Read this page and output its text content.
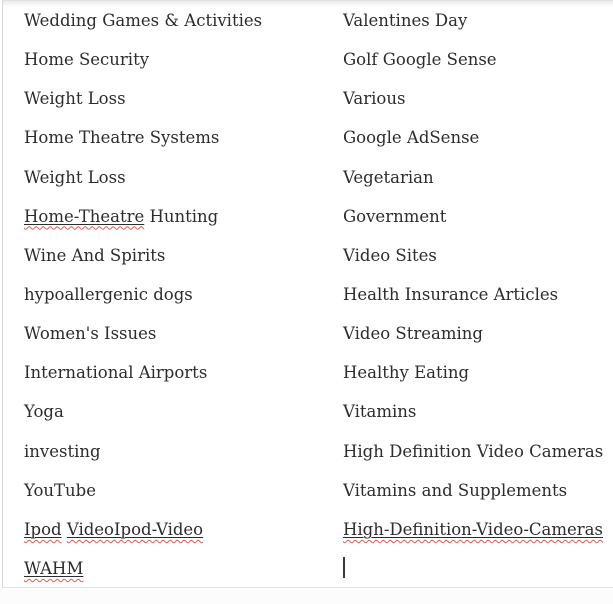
Wedding Games & Activities	Valentines Day
Home Security	Golf Google Sense
Weight Loss	Various
Home Theatre Systems	Google AdSense
Weight Loss	Vegetarian
Home-Theatre Hunting	Government
Wine And Spirits	Video Sites
hypoallergenic dogs	Health Insurance Articles
Women's Issues	Video Streaming
International Airports	Healthy Eating
Yoga	Vitamins
investing	High Definition Video Cameras
YouTube	Vitamins and Supplements
Ipod VideoIpod-Video	High-Definition-Video-Cameras
WAHM
